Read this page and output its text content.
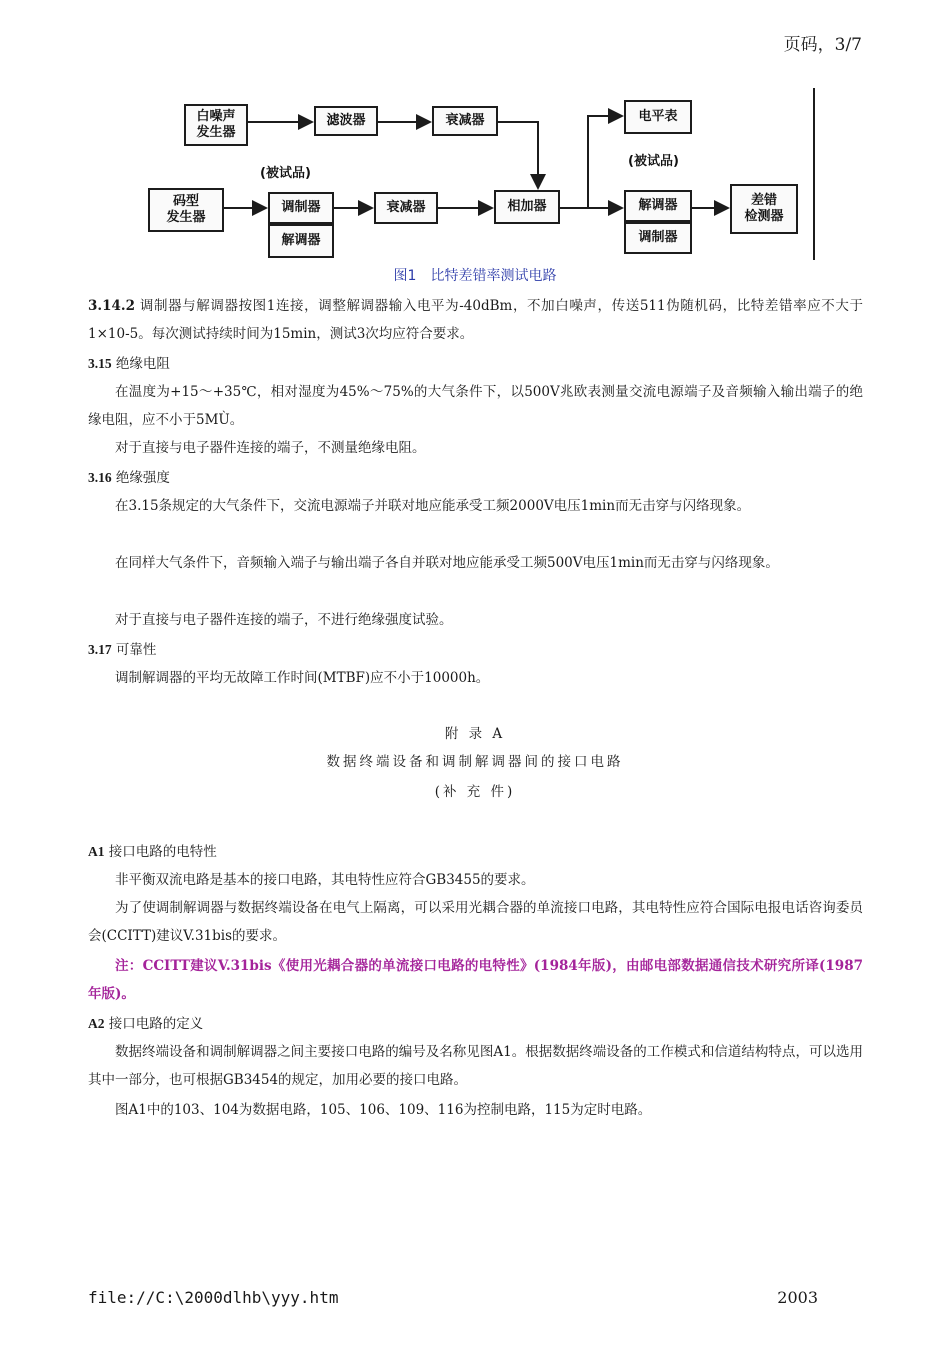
页码，3/7
白噪声
发生器
滤波器	衰减器	电平表
(被试品)
(被试品)
码型
发生器
调制器
解调器
衰减器	相加器	解调器
调制器
差错
检测器
图1　比特差错率测试电路
3.14.2 调制器与解调器按图1连接，调整解调器输入电平为-40dBm，不加白噪声，传送511伪随机码，比特差错率应不大于1×10-5。每次测试持续时间为15min，测试3次均应符合要求。
3.15 绝缘电阻
在温度为+15～+35℃，相对湿度为45%～75%的大气条件下，以500V兆欧表测量交流电源端子及音频输入输出端子的绝缘电阻，应不小于5MÙ。
对于直接与电子器件连接的端子，不测量绝缘电阻。
3.16 绝缘强度
在3.15条规定的大气条件下，交流电源端子并联对地应能承受工频2000V电压1min而无击穿与闪络现象。
在同样大气条件下，音频输入端子与输出端子各自并联对地应能承受工频500V电压1min而无击穿与闪络现象。
对于直接与电子器件连接的端子，不进行绝缘强度试验。
3.17 可靠性
调制解调器的平均无故障工作时间(MTBF)应不小于10000h。
附 录 A
数据终端设备和调制解调器间的接口电路
(补 充 件)
A1 接口电路的电特性
非平衡双流电路是基本的接口电路，其电特性应符合GB3455的要求。
为了使调制解调器与数据终端设备在电气上隔离，可以采用光耦合器的单流接口电路，其电特性应符合国际电报电话咨询委员会(CCITT)建议V.31bis的要求。
注：CCITT建议V.31bis《使用光耦合器的单流接口电路的电特性》(1984年版)，由邮电部数据通信技术研究所译(1987年版)。
A2 接口电路的定义
数据终端设备和调制解调器之间主要接口电路的编号及名称见图A1。根据数据终端设备的工作模式和信道结构特点，可以选用其中一部分，也可根据GB3454的规定，加用必要的接口电路。
图A1中的103、104为数据电路，105、106、109、116为控制电路，115为定时电路。
file://C:\2000dlhb\yyy.htm	2003
